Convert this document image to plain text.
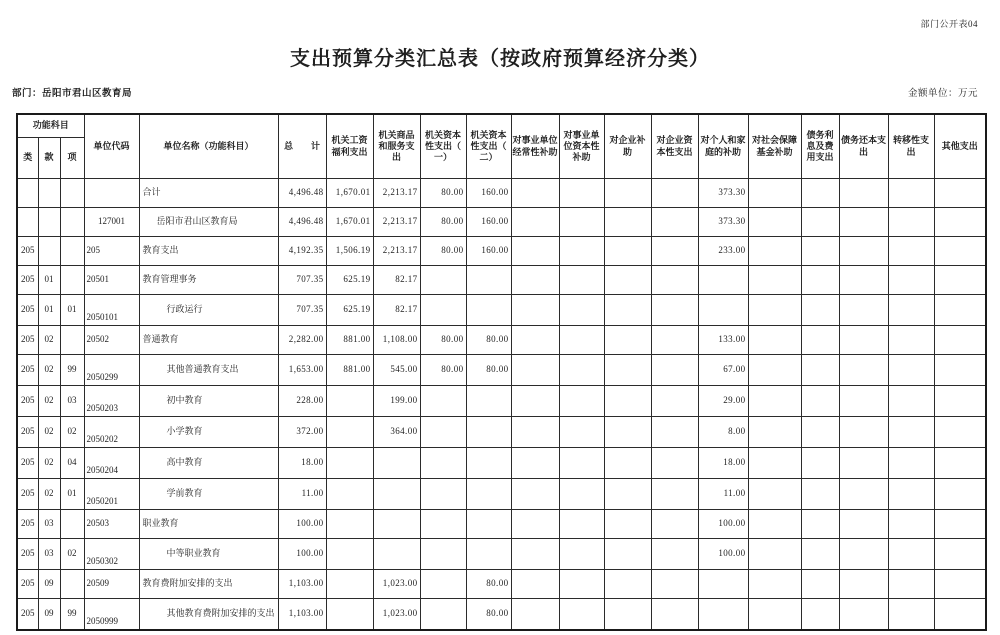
部门公开表04
支出预算分类汇总表（按政府预算经济分类）
部门：岳阳市君山区教育局	金额单位：万元
功能科目			单位代码	单位名称（功能科目）	总　　计	机关工资福利支出	机关商品和服务支出	机关资本性支出（一）	机关资本性支出（二）	对事业单位经常性补助	对事业单位资本性补助	对企业补助	对企业资本性支出	对个人和家庭的补助	对社会保障基金补助	债务利息及费用支出	债务还本支出	转移性支出	其他支出
类	款	项																	
				合计	4,496.48	1,670.01	2,213.17	80.00	160.00					373.30					
			127001	岳阳市君山区教育局	4,496.48	1,670.01	2,213.17	80.00	160.00					373.30					
205			205	教育支出	4,192.35	1,506.19	2,213.17	80.00	160.00					233.00					
205	01		20501	教育管理事务	707.35	625.19	82.17												
205	01	01	2050101	行政运行	707.35	625.19	82.17												
205	02		20502	普通教育	2,282.00	881.00	1,108.00	80.00	80.00					133.00					
205	02	99	2050299	其他普通教育支出	1,653.00	881.00	545.00	80.00	80.00					67.00					
205	02	03	2050203	初中教育	228.00		199.00							29.00					
205	02	02	2050202	小学教育	372.00		364.00							8.00					
205	02	04	2050204	高中教育	18.00									18.00					
205	02	01	2050201	学前教育	11.00									11.00					
205	03		20503	职业教育	100.00									100.00					
205	03	02	2050302	中等职业教育	100.00									100.00					
205	09		20509	教育费附加安排的支出	1,103.00		1,023.00		80.00										
205	09	99	2050999	其他教育费附加安排的支出	1,103.00		1,023.00		80.00										
